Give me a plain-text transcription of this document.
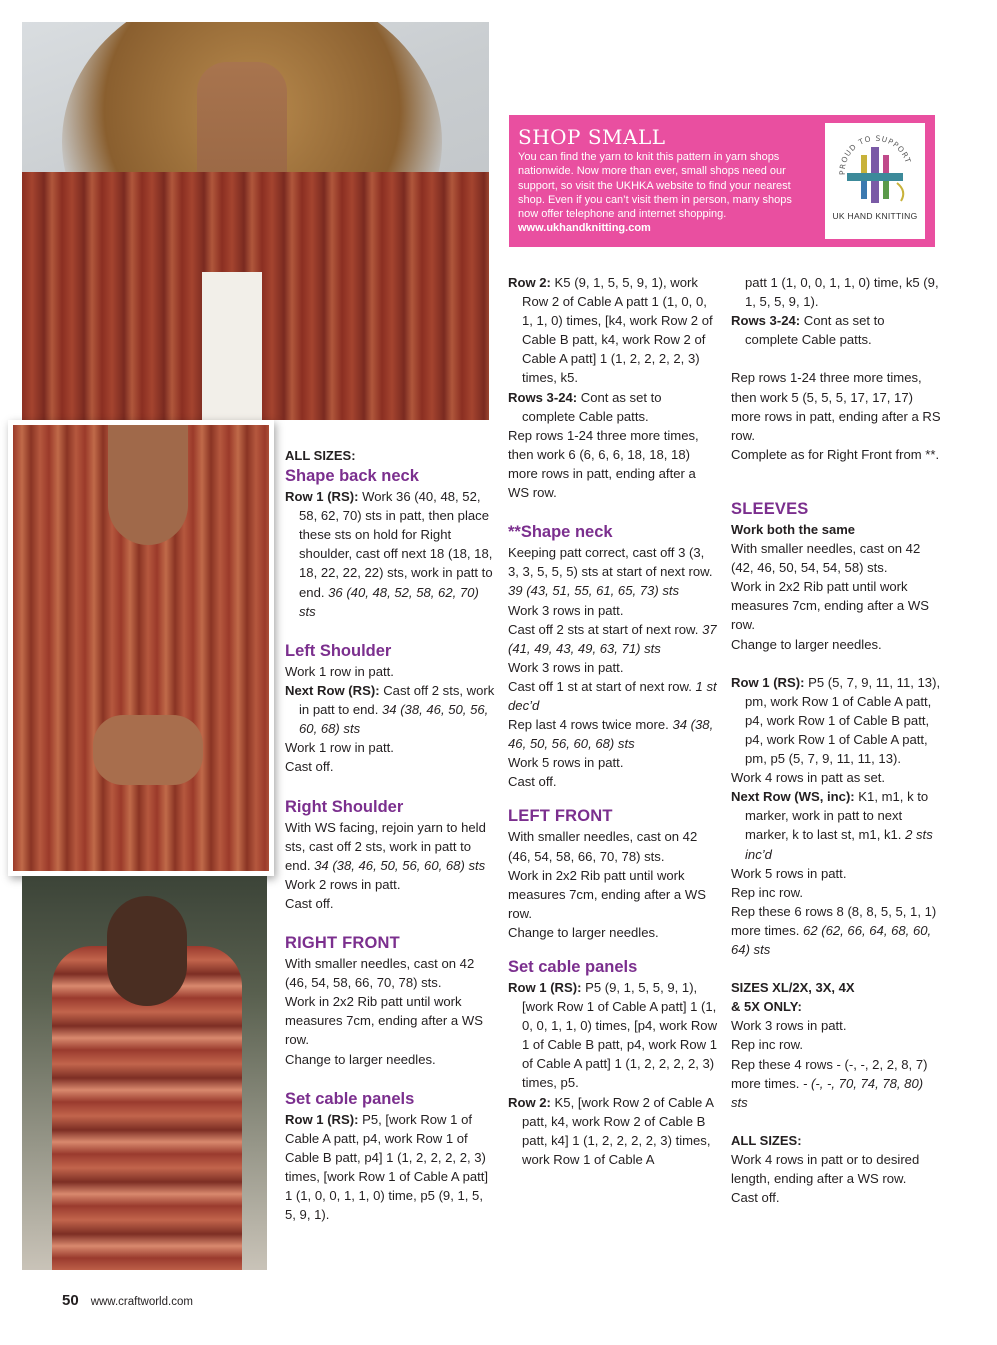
SHOP SMALL
You can find the yarn to knit this pattern in yarn shops nationwide. Now more than ever, small shops need our support, so visit the UKHKA website to find your nearest shop. Even if you can’t visit them in person, many shops now offer telephone and internet shopping. www.ukhandknitting.com
PROUD TO SUPPORT
UK HAND KNITTING

ALL SIZES:

Shape back neck

Row 1 (RS): Work 36 (40, 48, 52, 58, 62, 70) sts in patt, then place these sts on hold for Right shoulder, cast off next 18 (18, 18, 18, 22, 22, 22) sts, work in patt to end. 36 (40, 48, 52, 58, 62, 70) sts

Left Shoulder

Work 1 row in patt.

Next Row (RS): Cast off 2 sts, work in patt to end. 34 (38, 46, 50, 56, 60, 68) sts

Work 1 row in patt.

Cast off.

Right Shoulder

With WS facing, rejoin yarn to held sts, cast off 2 sts, work in patt to end. 34 (38, 46, 50, 56, 60, 68) sts

Work 2 rows in patt.

Cast off.

RIGHT FRONT

With smaller needles, cast on 42 (46, 54, 58, 66, 70, 78) sts.

Work in 2x2 Rib patt until work measures 7cm, ending after a WS row.

Change to larger needles.

Set cable panels

Row 1 (RS): P5, [work Row 1 of Cable A patt, p4, work Row 1 of Cable B patt, p4] 1 (1, 2, 2, 2, 2, 3) times, [work Row 1 of Cable A patt] 1 (1, 0, 0, 1, 1, 0) time, p5 (9, 1, 5, 5, 9, 1).

Row 2: K5 (9, 1, 5, 5, 9, 1), work Row 2 of Cable A patt 1 (1, 0, 0, 1, 1, 0) times, [k4, work Row 2 of Cable B patt, k4, work Row 2 of Cable A patt] 1 (1, 2, 2, 2, 2, 3) times, k5.

Rows 3-24: Cont as set to complete Cable patts.

Rep rows 1-24 three more times, then work 6 (6, 6, 6, 18, 18, 18) more rows in patt, ending after a WS row.

**Shape neck

Keeping patt correct, cast off 3 (3, 3, 3, 5, 5, 5) sts at start of next row. 39 (43, 51, 55, 61, 65, 73) sts

Work 3 rows in patt.

Cast off 2 sts at start of next row. 37 (41, 49, 43, 49, 63, 71) sts

Work 3 rows in patt.

Cast off 1 st at start of next row. 1 st dec’d

Rep last 4 rows twice more. 34 (38, 46, 50, 56, 60, 68) sts

Work 5 rows in patt.

Cast off.

LEFT FRONT

With smaller needles, cast on 42 (46, 54, 58, 66, 70, 78) sts.

Work in 2x2 Rib patt until work measures 7cm, ending after a WS row.

Change to larger needles.

Set cable panels

Row 1 (RS): P5 (9, 1, 5, 5, 9, 1), [work Row 1 of Cable A patt] 1 (1, 0, 0, 1, 1, 0) times, [p4, work Row 1 of Cable B patt, p4, work Row 1 of Cable A patt] 1 (1, 2, 2, 2, 2, 3) times, p5.

Row 2: K5, [work Row 2 of Cable A patt, k4, work Row 2 of Cable B patt, k4] 1 (1, 2, 2, 2, 2, 3) times, work Row 1 of Cable A

patt 1 (1, 0, 0, 1, 1, 0) time, k5 (9, 1, 5, 5, 9, 1).

Rows 3-24: Cont as set to complete Cable patts.

Rep rows 1-24 three more times, then work 5 (5, 5, 5, 17, 17, 17) more rows in patt, ending after a RS row.

Complete as for Right Front from **.

SLEEVES

Work both the same

With smaller needles, cast on 42 (42, 46, 50, 54, 54, 58) sts.

Work in 2x2 Rib patt until work measures 7cm, ending after a WS row.

Change to larger needles.

Row 1 (RS): P5 (5, 7, 9, 11, 11, 13), pm, work Row 1 of Cable A patt, p4, work Row 1 of Cable B patt, p4, work Row 1 of Cable A patt, pm, p5 (5, 7, 9, 11, 11, 13).

Work 4 rows in patt as set.

Next Row (WS, inc): K1, m1, k to marker, work in patt to next marker, k to last st, m1, k1. 2 sts inc’d

Work 5 rows in patt.

Rep inc row.

Rep these 6 rows 8 (8, 8, 5, 5, 1, 1) more times. 62 (62, 66, 64, 68, 60, 64) sts

SIZES XL/2X, 3X, 4X

& 5X ONLY:

Work 3 rows in patt.

Rep inc row.

Rep these 4 rows - (-, -, 2, 2, 8, 7) more times. - (-, -, 70, 74, 78, 80) sts

ALL SIZES:

Work 4 rows in patt or to desired length, ending after a WS row.

Cast off.

50 www.craftworld.com
